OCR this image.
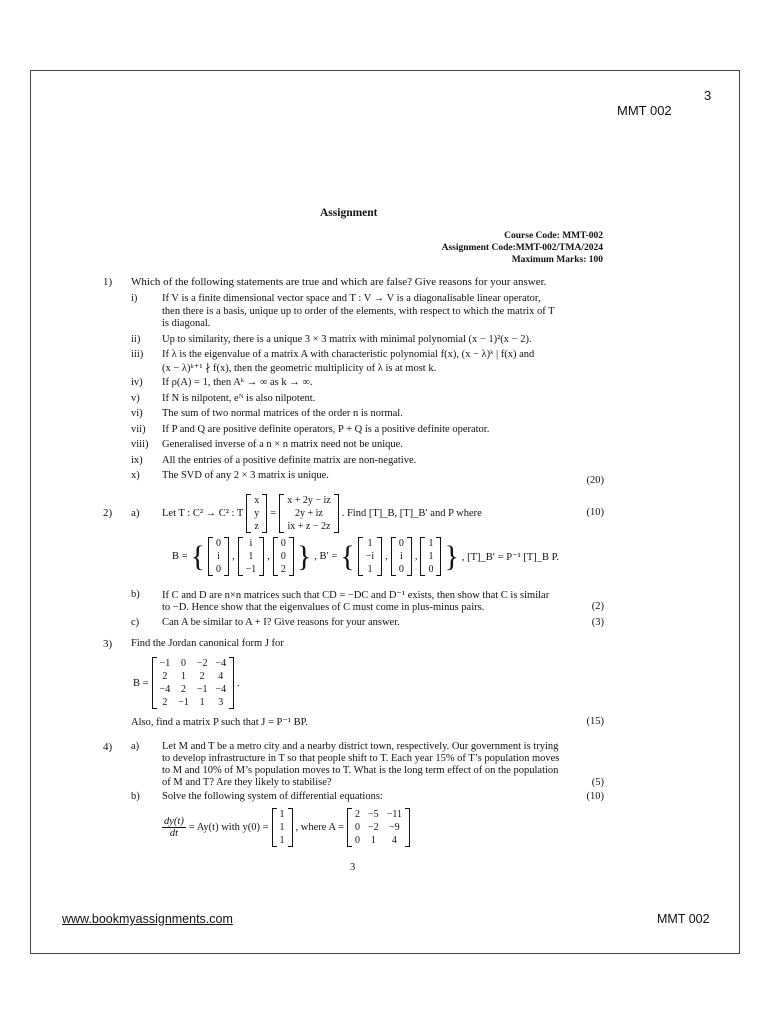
3
MMT 002
Assignment
Course Code: MMT-002
Assignment Code:MMT-002/TMA/2024
Maximum Marks: 100
1) Which of the following statements are true and which are false? Give reasons for your answer.
i) If V is a finite dimensional vector space and T : V → V is a diagonalisable linear operator,
then there is a basis, unique up to order of the elements, with respect to which the matrix of T
is diagonal.
ii) Up to similarity, there is a unique 3 × 3 matrix with minimal polynomial (x − 1)²(x − 2).
iii) If λ is the eigenvalue of a matrix A with characteristic polynomial f(x), (x − λ)ᵏ | f(x) and
(x − λ)ᵏ⁺¹ ∤ f(x), then the geometric multiplicity of λ is at most k.
iv) If ρ(A) = 1, then Aᵏ → ∞ as k → ∞.
v) If N is nilpotent, eᴺ is also nilpotent.
vi) The sum of two normal matrices of the order n is normal.
vii) If P and Q are positive definite operators, P + Q is a positive definite operator.
viii) Generalised inverse of a n × n matrix need not be unique.
ix) All the entries of a positive definite matrix are non-negative.
x) The SVD of any 2 × 3 matrix is unique.	(20)
2) a) Let T : C² → C² : T
x
y
z
=
x + 2y − iz
2y + iz
ix + z − 2z
. Find [T]_B, [T]_B′ and P where	(10)
B = { 0
i
0
,
i
1
−1
,
0
0
2 } , B′ = { 1
−i
1
,
0
i
0
,
1
1
0 } , [T]_B′ = P⁻¹ [T]_B P.
b) If C and D are n×n matrices such that CD = −DC and D⁻¹ exists, then show that C is similar
to −D. Hence show that the eigenvalues of C must come in plus-minus pairs.	(2)
c) Can A be similar to A + I? Give reasons for your answer.	(3)
3) Find the Jordan canonical form J for
B =
−1	0	−2	−4
2	1	2	4
−4	2	−1	−4
2	−1	1	3
.
Also, find a matrix P such that J = P⁻¹ BP.	(15)
4) a) Let M and T be a metro city and a nearby district town, respectively. Our government is trying
to develop infrastructure in T so that people shift to T. Each year 15% of T’s population moves
to M and 10% of M’s population moves to T. What is the long term effect of on the population
of M and T? Are they likely to stabilise?	(5)
b) Solve the following system of differential equations:	(10)
$\frac{dy(t)}{dt} = Ay(t)$ with y(0) =
1
1
1
, where A =
2	−5	−11
0	−2	−9
0	1	4
3
www.bookmyassignments.com	MMT 002
